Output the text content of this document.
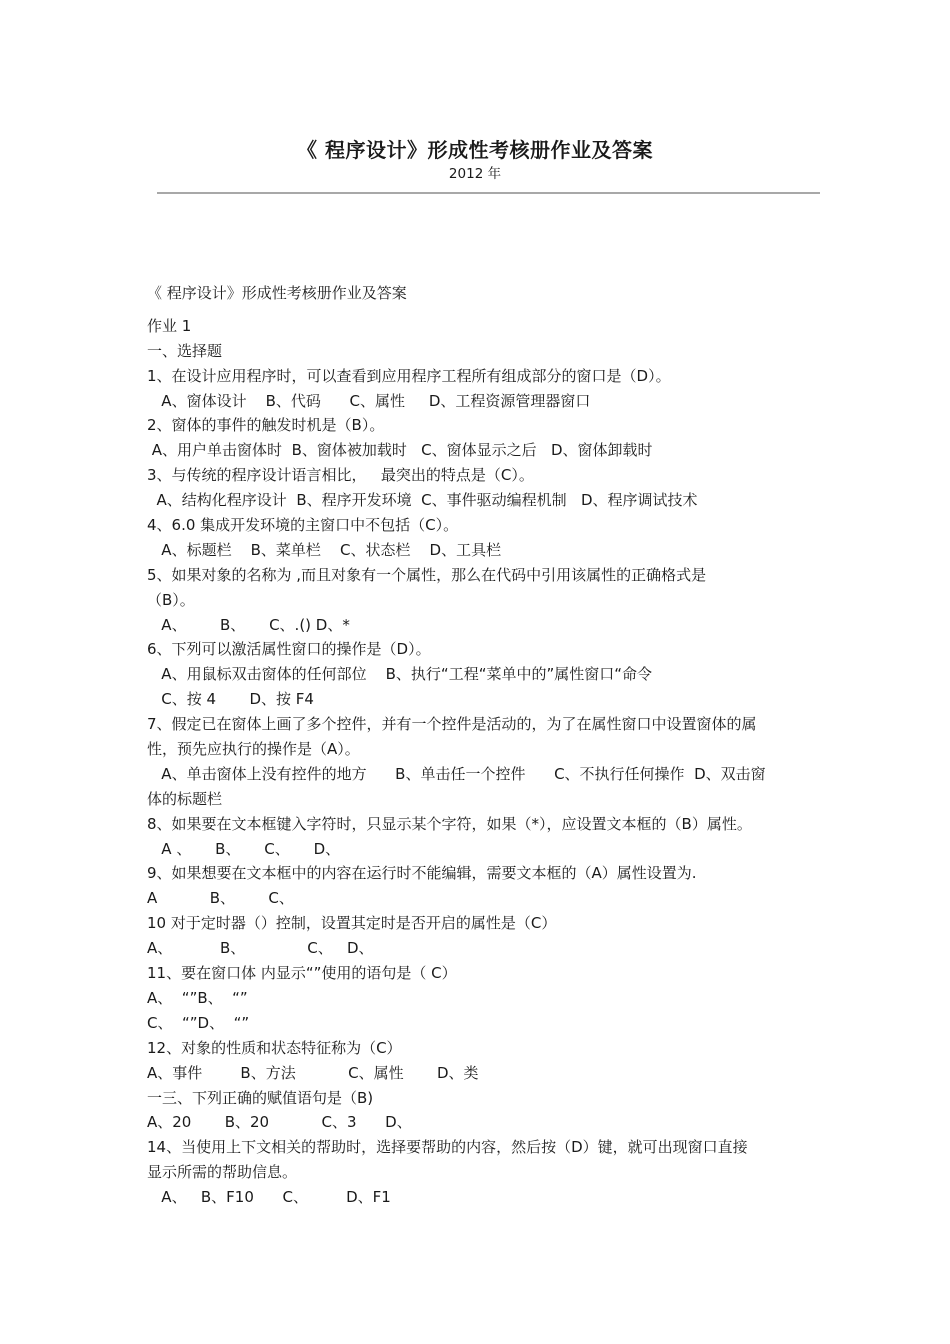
《 程序设计》形成性考核册作业及答案
2012 年
《 程序设计》形成性考核册作业及答案
作业 1
一、选择题
1、在设计应用程序时，可以查看到应用程序工程所有组成部分的窗口是（D）。
A、窗体设计    B、代码      C、属性     D、工程资源管理器窗口
2、窗体的事件的触发时机是（B）。
A、用户单击窗体时  B、窗体被加载时   C、窗体显示之后   D、窗体卸载时
3、与传统的程序设计语言相比，   最突出的特点是（C）。
A、结构化程序设计  B、程序开发环境  C、事件驱动编程机制   D、程序调试技术
4、6.0 集成开发环境的主窗口中不包括（C）。
A、标题栏    B、菜单栏    C、状态栏    D、工具栏
5、如果对象的名称为 ,而且对象有一个属性，那么在代码中引用该属性的正确格式是
（B）。
A、       B、     C、.() D、*
6、下列可以激活属性窗口的操作是（D）。
A、用鼠标双击窗体的任何部位    B、执行“工程“菜单中的”属性窗口“命令
C、按 4       D、按 F4
7、假定已在窗体上画了多个控件，并有一个控件是活动的，为了在属性窗口中设置窗体的属
性，预先应执行的操作是（A）。
A、单击窗体上没有控件的地方      B、单击任一个控件      C、不执行任何操作  D、双击窗
体的标题栏
8、如果要在文本框键入字符时，只显示某个字符，如果（*），应设置文本框的（B）属性。
A 、     B、     C、     D、
9、如果想要在文本框中的内容在运行时不能编辑，需要文本框的（A）属性设置为.
A           B、       C、
10 对于定时器（）控制，设置其定时是否开启的属性是（C）
A、          B、             C、   D、
11、要在窗口体 内显示“”使用的语句是（ C）
A、  “”B、  “”
C、  “”D、  “”
12、对象的性质和状态特征称为（C）
A、事件        B、方法           C、属性       D、类
一三、下列正确的赋值语句是（B)
A、20       B、20           C、3      D、
14、当使用上下文相关的帮助时，选择要帮助的内容，然后按（D）键，就可出现窗口直接
显示所需的帮助信息。
A、   B、F10      C、        D、F1
